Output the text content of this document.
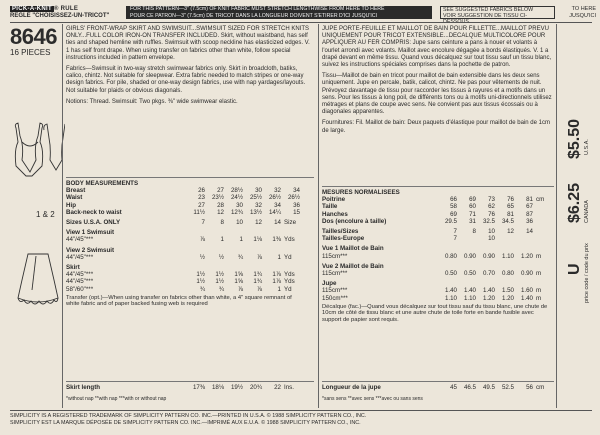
PICK-A-KNIT ® RULE
REGLE "CHOISISSEZ-UN-TRICOT"
FOR THIS PATTERN—3" (7.5cm) OF KNIT FABRIC MUST STRETCH LENGTHWISE FROM HERE TO HERE
POUR CE PATRON—3" (7.5cm) DE TRICOT DANS LA LONGUEUR DOIVENT S'ETIRER D'ICI JUSQU'ICI
SEE SUGGESTED FABRICS BELOW
VOIR SUGGESTION DE TISSU CI-
TO HERE
JUSQU'ICI
8646
16 PIECES
1 & 2

GIRLS' FRONT-WRAP SKIRT AND SWIMSUIT...SWIMSUIT SIZED FOR STRETCH KNITS ONLY...FULL COLOR IRON-ON TRANSFER INCLUDED. Skirt, without waistband, has self ties and shaped hemline with ruffles. Swimsuit with scoop neckline has elasticized edges. V. 1 has self front drape. When using transfer on fabrics other than white, follow special instructions included in pattern envelope.

Fabrics—Swimsuit in two-way stretch swimwear fabrics only. Skirt in broadcloth, batiks, calico, chintz. Not suitable for sleepwear. Extra fabric needed to match stripes or one-way design fabrics. For pile, shaded or one-way design fabrics, use with nap yardages/layouts. Not suitable for plaids or obvious diagonals.

Notions: Thread. Swimsuit: Two pkgs. ⅜" wide swimwear elastic.

BODY MEASUREMENTS						
Breast	26	27	28½	30	32	34
Waist	23	23½	24½	25½	26½	26½
Hip	27	28	30	32	34	36
Back-neck to waist	11½	12	12¾	13½	14¼	15

Sizes U.S.A. ONLY	7	8	10	12	14	Size

View 1 Swimsuit						
44"/45"***	⅞	1	1	1⅛	1⅜	Yds

View 2 Swimsuit						
44"/45"***	½	½	¾	⅞	1	Yd

Skirt						
44"/45"***	1½	1½	1⅝	1¾	1⅞	Yds
44"/45"***	1½	1½	1⅝	1¾	1⅞	Yds
58"/60"***	¾	¾	⅞	⅞	1	Yd
Transfer (opt.)—When using transfer on fabrics other than white, a 4" square remnant of white fabric and of paper backed fusing web is required
Skirt length	17⅜	18⅛	19½	20¾	22	Ins.
*without nap **with nap ***with or without nap

JUPE PORTE-FEUILLE ET MAILLOT DE BAIN POUR FILLETTE...MAILLOT PREVU UNIQUEMENT POUR TRICOT EXTENSIBLE...DECALQUE MULTICOLORE POUR APPLIQUER AU FER COMPRIS: Jupe sans ceinture a pans à nouer et volants à l'ourlet arrondi avec volants. Maillot avec encolure dégagée a bords élastiqués. V. 1 a drapé devant en même tissu. Quand vous décalquez sur tout tissu sauf un tissu blanc, suivez les instructions spéciales comprises dans la pochette de patron.

Tissu—Maillot de bain en tricot pour maillot de bain extensible dans les deux sens uniquement. Jupe en percale, batik, calicot, chintz. Ne pas pour vêtements de nuit. Prévoyez davantage de tissu pour raccorder les tissus à rayures et a motifs dans un sens. Pour les tissus à long poil, de différents tons ou à motifs uni-directionnels utilisez métrages et plans de coupe avec sens. Ne convient pas aux tissus écossais ou à diagonales apparentes.

Fournitures: Fil. Maillot de bain: Deux paquets d'élastique pour maillot de bain de 1cm de large.

MESURES NORMALISEES						
Poitrine	66	69	73	76	81	cm
Taille	58	60	62	65	67	
Hanches	69	71	76	81	87	
Dos (encolure à taille)	29.5	31	32.5	34.5	36	

Tailles/Sizes	7	8	10	12	14	
Tailles-Europe	7		10			

Vue 1 Maillot de Bain						
115cm***	0.80	0.90	0.90	1.10	1.20	m

Vue 2 Maillot de Bain						
115cm***	0.50	0.50	0.70	0.80	0.90	m

Jupe						
115cm***	1.40	1.40	1.40	1.50	1.60	m
150cm***	1.10	1.10	1.20	1.20	1.40	m
Décalque (fac.)—Quand vous décalquez sur tout tissu sauf du tissu blanc, une chute de 10cm de côté de tissu blanc et une autre chute de toile forte en bande fusible avec support de papier sont requis.
Longueur de la jupe	45	46.5	49.5	52.5	56	cm
*sans sens **avec sens ***avec ou sans sens
$5.50 U.S.A.
$6.25 CANADA
U price code / code du prix
SIMPLICITY IS A REGISTERED TRADEMARK OF SIMPLICITY PATTERN CO. INC.—PRINTED IN U.S.A. © 1988 SIMPLICITY PATTERN CO., INC.
SIMPLICITY EST LA MARQUE DÉPOSÉE DE SIMPLICITY PATTERN CO. INC.—IMPRIMÉ AUX E.U.A. © 1988 SIMPLICITY PATTERN CO., INC.
